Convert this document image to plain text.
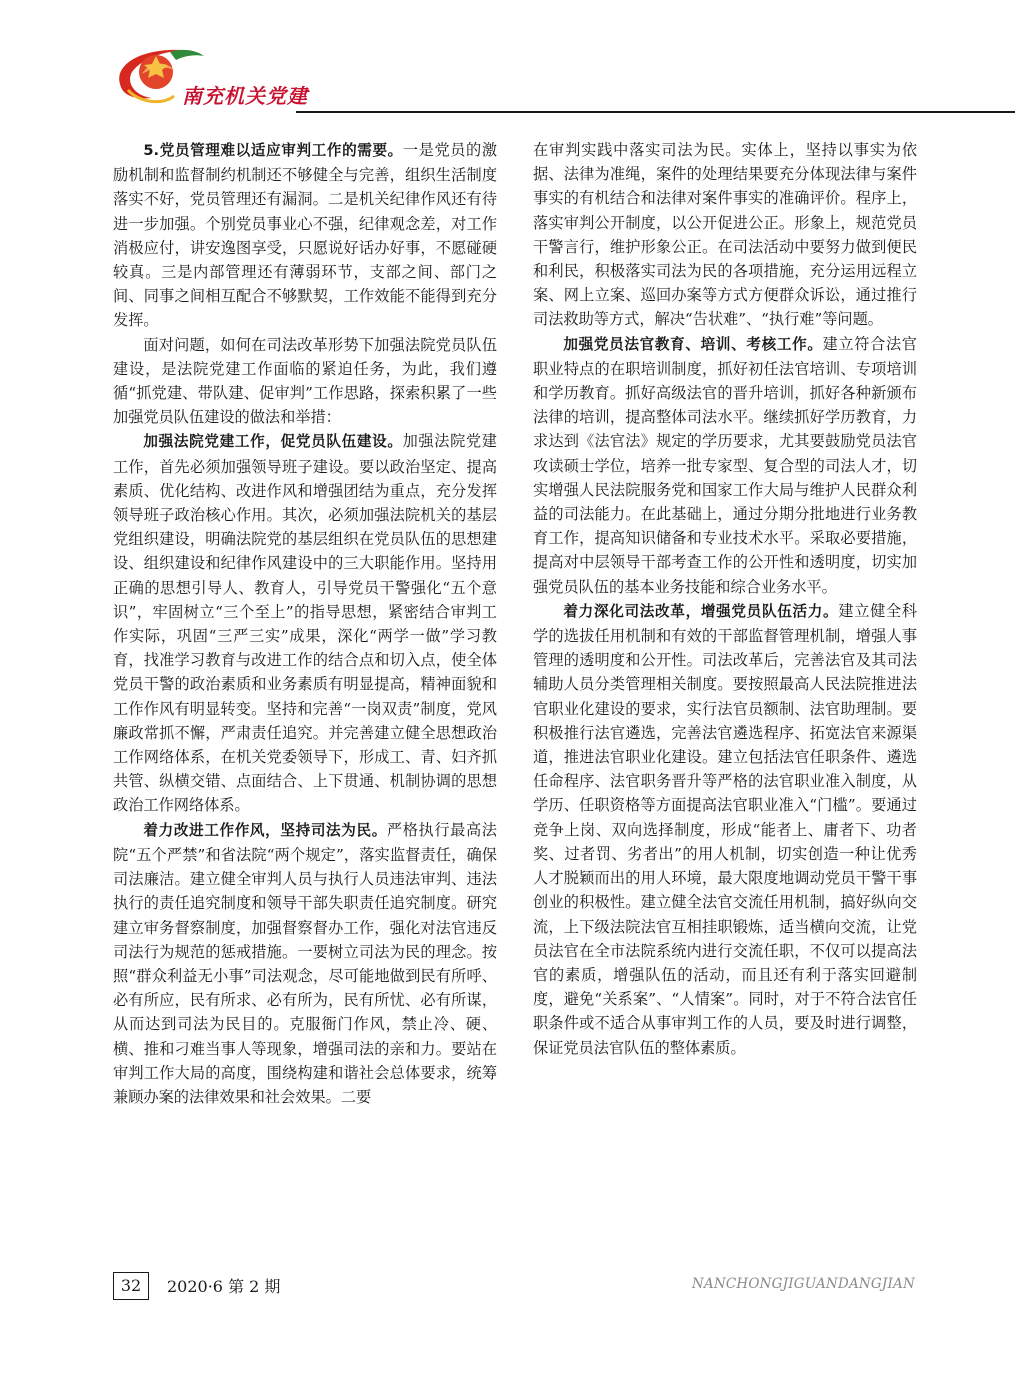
南充机关党建

5.党员管理难以适应审判工作的需要。一是党员的激励机制和监督制约机制还不够健全与完善，组织生活制度落实不好，党员管理还有漏洞。二是机关纪律作风还有待进一步加强。个别党员事业心不强，纪律观念差，对工作消极应付，讲安逸图享受，只愿说好话办好事，不愿碰硬较真。三是内部管理还有薄弱环节，支部之间、部门之间、同事之间相互配合不够默契，工作效能不能得到充分发挥。

面对问题，如何在司法改革形势下加强法院党员队伍建设，是法院党建工作面临的紧迫任务，为此，我们遵循“抓党建、带队建、促审判”工作思路，探索积累了一些加强党员队伍建设的做法和举措：

加强法院党建工作，促党员队伍建设。加强法院党建工作，首先必须加强领导班子建设。要以政治坚定、提高素质、优化结构、改进作风和增强团结为重点，充分发挥领导班子政治核心作用。其次，必须加强法院机关的基层党组织建设，明确法院党的基层组织在党员队伍的思想建设、组织建设和纪律作风建设中的三大职能作用。坚持用正确的思想引导人、教育人，引导党员干警强化“五个意识”，牢固树立“三个至上”的指导思想，紧密结合审判工作实际，巩固“三严三实”成果，深化“两学一做”学习教育，找准学习教育与改进工作的结合点和切入点，使全体党员干警的政治素质和业务素质有明显提高，精神面貌和工作作风有明显转变。坚持和完善“一岗双责”制度，党风廉政常抓不懈，严肃责任追究。并完善建立健全思想政治工作网络体系，在机关党委领导下，形成工、青、妇齐抓共管、纵横交错、点面结合、上下贯通、机制协调的思想政治工作网络体系。

着力改进工作作风，坚持司法为民。严格执行最高法院“五个严禁”和省法院“两个规定”，落实监督责任，确保司法廉洁。建立健全审判人员与执行人员违法审判、违法执行的责任追究制度和领导干部失职责任追究制度。研究建立审务督察制度，加强督察督办工作，强化对法官违反司法行为规范的惩戒措施。一要树立司法为民的理念。按照“群众利益无小事”司法观念，尽可能地做到民有所呼、必有所应，民有所求、必有所为，民有所忧、必有所谋，从而达到司法为民目的。克服衙门作风，禁止冷、硬、横、推和刁难当事人等现象，增强司法的亲和力。要站在审判工作大局的高度，围绕构建和谐社会总体要求，统筹兼顾办案的法律效果和社会效果。二要

在审判实践中落实司法为民。实体上，坚持以事实为依据、法律为准绳，案件的处理结果要充分体现法律与案件事实的有机结合和法律对案件事实的准确评价。程序上，落实审判公开制度，以公开促进公正。形象上，规范党员干警言行，维护形象公正。在司法活动中要努力做到便民和利民，积极落实司法为民的各项措施，充分运用远程立案、网上立案、巡回办案等方式方便群众诉讼，通过推行司法救助等方式，解决“告状难”、“执行难”等问题。

加强党员法官教育、培训、考核工作。建立符合法官职业特点的在职培训制度，抓好初任法官培训、专项培训和学历教育。抓好高级法官的晋升培训，抓好各种新颁布法律的培训，提高整体司法水平。继续抓好学历教育，力求达到《法官法》规定的学历要求，尤其要鼓励党员法官攻读硕士学位，培养一批专家型、复合型的司法人才，切实增强人民法院服务党和国家工作大局与维护人民群众利益的司法能力。在此基础上，通过分期分批地进行业务教育工作，提高知识储备和专业技术水平。采取必要措施，提高对中层领导干部考查工作的公开性和透明度，切实加强党员队伍的基本业务技能和综合业务水平。

着力深化司法改革，增强党员队伍活力。建立健全科学的选拔任用机制和有效的干部监督管理机制，增强人事管理的透明度和公开性。司法改革后，完善法官及其司法辅助人员分类管理相关制度。要按照最高人民法院推进法官职业化建设的要求，实行法官员额制、法官助理制。要积极推行法官遴选，完善法官遴选程序、拓宽法官来源渠道，推进法官职业化建设。建立包括法官任职条件、遴选任命程序、法官职务晋升等严格的法官职业准入制度，从学历、任职资格等方面提高法官职业准入“门槛”。要通过竞争上岗、双向选择制度，形成“能者上、庸者下、功者奖、过者罚、劣者出”的用人机制，切实创造一种让优秀人才脱颖而出的用人环境，最大限度地调动党员干警干事创业的积极性。建立健全法官交流任用机制，搞好纵向交流，上下级法院法官互相挂职锻炼，适当横向交流，让党员法官在全市法院系统内进行交流任职，不仅可以提高法官的素质，增强队伍的活动，而且还有利于落实回避制度，避免“关系案”、“人情案”。同时，对于不符合法官任职条件或不适合从事审判工作的人员，要及时进行调整，保证党员法官队伍的整体素质。

32	2020·6 第 2 期	NANCHONGJIGUANDANGJIAN
